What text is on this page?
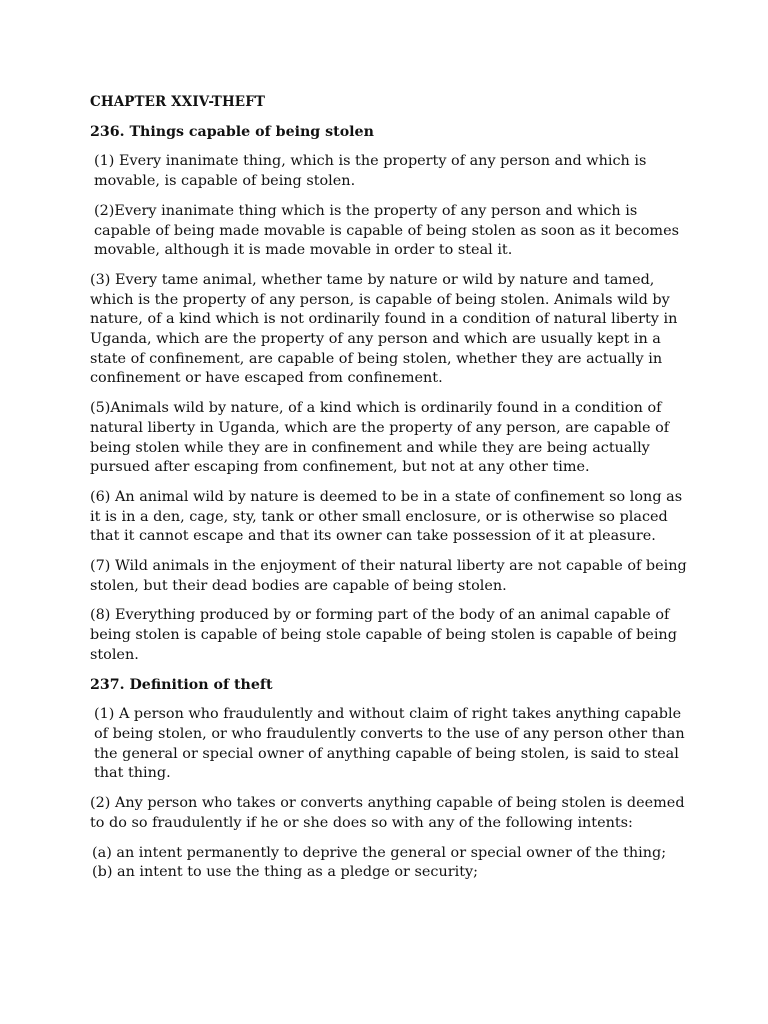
CHAPTER XXIV-THEFT
236. Things capable of being stolen
(1) Every inanimate thing, which is the property of any person and which is movable, is capable of being stolen.
(2)Every inanimate thing which is the property of any person and which is capable of being made movable is capable of being stolen as soon as it becomes movable, although it is made movable in order to steal it.
(3) Every tame animal, whether tame by nature or wild by nature and tamed, which is the property of any person, is capable of being stolen. Animals wild by nature, of a kind which is not ordinarily found in a condition of natural liberty in Uganda, which are the property of any person and which are usually kept in a state of confinement, are capable of being stolen, whether they are actually in confinement or have escaped from confinement.
(5)Animals wild by nature, of a kind which is ordinarily found in a condition of natural liberty in Uganda, which are the property of any person, are capable of being stolen while they are in confinement and while they are being actually pursued after escaping from confinement, but not at any other time.
(6) An animal wild by nature is deemed to be in a state of confinement so long as it is in a den, cage, sty, tank or other small enclosure, or is otherwise so placed that it cannot escape and that its owner can take possession of it at pleasure.
(7) Wild animals in the enjoyment of their natural liberty are not capable of being stolen, but their dead bodies are capable of being stolen.
(8) Everything produced by or forming part of the body of an animal capable of being stolen is capable of being stole capable of being stolen is capable of being stolen.
237. Definition of theft
(1) A person who fraudulently and without claim of right takes anything capable of being stolen, or who fraudulently converts to the use of any person other than the general or special owner of anything capable of being stolen, is said to steal that thing.
(2) Any person who takes or converts anything capable of being stolen is deemed to do so fraudulently if he or she does so with any of the following intents:
(a) an intent permanently to deprive the general or special owner of the thing;
(b) an intent to use the thing as a pledge or security;
